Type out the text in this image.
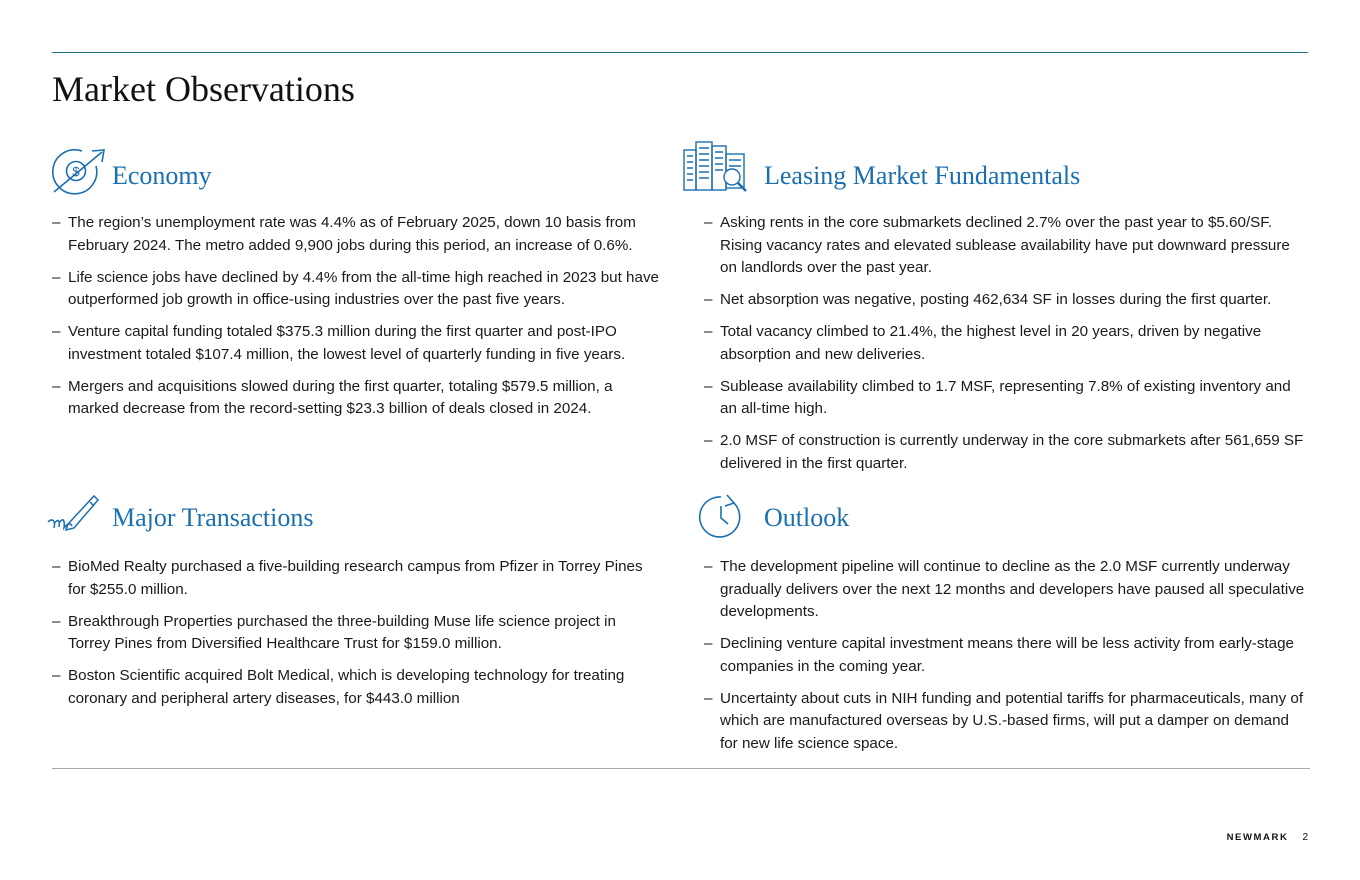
Market Observations
$ Economy
– The region’s unemployment rate was 4.4% as of February 2025, down 10 basis from February 2024. The metro added 9,900 jobs during this period, an increase of 0.6%.
– Life science jobs have declined by 4.4% from the all-time high reached in 2023 but have outperformed job growth in office-using industries over the past five years.
– Venture capital funding totaled $375.3 million during the first quarter and post-IPO investment totaled $107.4 million, the lowest level of quarterly funding in five years.
– Mergers and acquisitions slowed during the first quarter, totaling $579.5 million, a marked decrease from the record-setting $23.3 billion of deals closed in 2024.
Leasing Market Fundamentals
– Asking rents in the core submarkets declined 2.7% over the past year to $5.60/SF. Rising vacancy rates and elevated sublease availability have put downward pressure on landlords over the past year.
– Net absorption was negative, posting 462,634 SF in losses during the first quarter.
– Total vacancy climbed to 21.4%, the highest level in 20 years, driven by negative absorption and new deliveries.
– Sublease availability climbed to 1.7 MSF, representing 7.8% of existing inventory and an all-time high.
– 2.0 MSF of construction is currently underway in the core submarkets after 561,659 SF delivered in the first quarter.
Major Transactions
– BioMed Realty purchased a five-building research campus from Pfizer in Torrey Pines for $255.0 million.
– Breakthrough Properties purchased the three-building Muse life science project in Torrey Pines from Diversified Healthcare Trust for $159.0 million.
– Boston Scientific acquired Bolt Medical, which is developing technology for treating coronary and peripheral artery diseases, for $443.0 million
Outlook
– The development pipeline will continue to decline as the 2.0 MSF currently underway gradually delivers over the next 12 months and developers have paused all speculative developments.
– Declining venture capital investment means there will be less activity from early-stage companies in the coming year.
– Uncertainty about cuts in NIH funding and potential tariffs for pharmaceuticals, many of which are manufactured overseas by U.S.-based firms, will put a damper on demand for new life science space.
NEWMARK 2
